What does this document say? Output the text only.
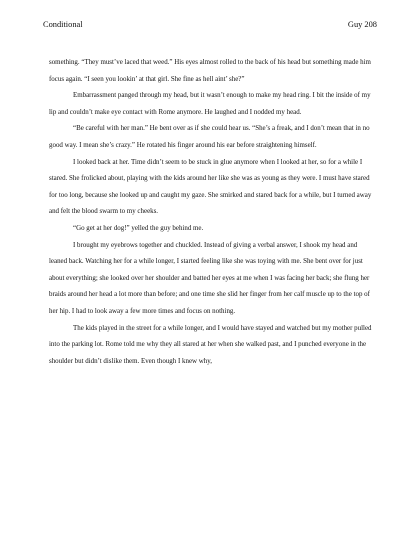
Conditional	Guy 208

something. “They must’ve laced that weed.” His eyes almost rolled to the back of his head but something made him focus again. “I seen you lookin’ at that girl. She fine as hell aint’ she?”

Embarrassment panged through my head, but it wasn’t enough to make my head ring. I bit the inside of my lip and couldn’t make eye contact with Rome anymore. He laughed and I nodded my head.

“Be careful with her man.” He bent over as if she could hear us. “She’s a freak, and I don’t mean that in no good way. I mean she’s crazy.” He rotated his finger around his ear before straightening himself.

I looked back at her. Time didn’t seem to be stuck in glue anymore when I looked at her, so for a while I stared. She frolicked about, playing with the kids around her like she was as young as they were. I must have stared for too long, because she looked up and caught my gaze. She smirked and stared back for a while, but I turned away and felt the blood swarm to my cheeks.

“Go get at her dog!” yelled the guy behind me.

I brought my eyebrows together and chuckled. Instead of giving a verbal answer, I shook my head and leaned back. Watching her for a while longer, I started feeling like she was toying with me. She bent over for just about everything; she looked over her shoulder and batted her eyes at me when I was facing her back; she flung her braids around her head a lot more than before; and one time she slid her finger from her calf muscle up to the top of her hip. I had to look away a few more times and focus on nothing.

The kids played in the street for a while longer, and I would have stayed and watched but my mother pulled into the parking lot. Rome told me why they all stared at her when she walked past, and I punched everyone in the shoulder but didn’t dislike them. Even though I knew why,
